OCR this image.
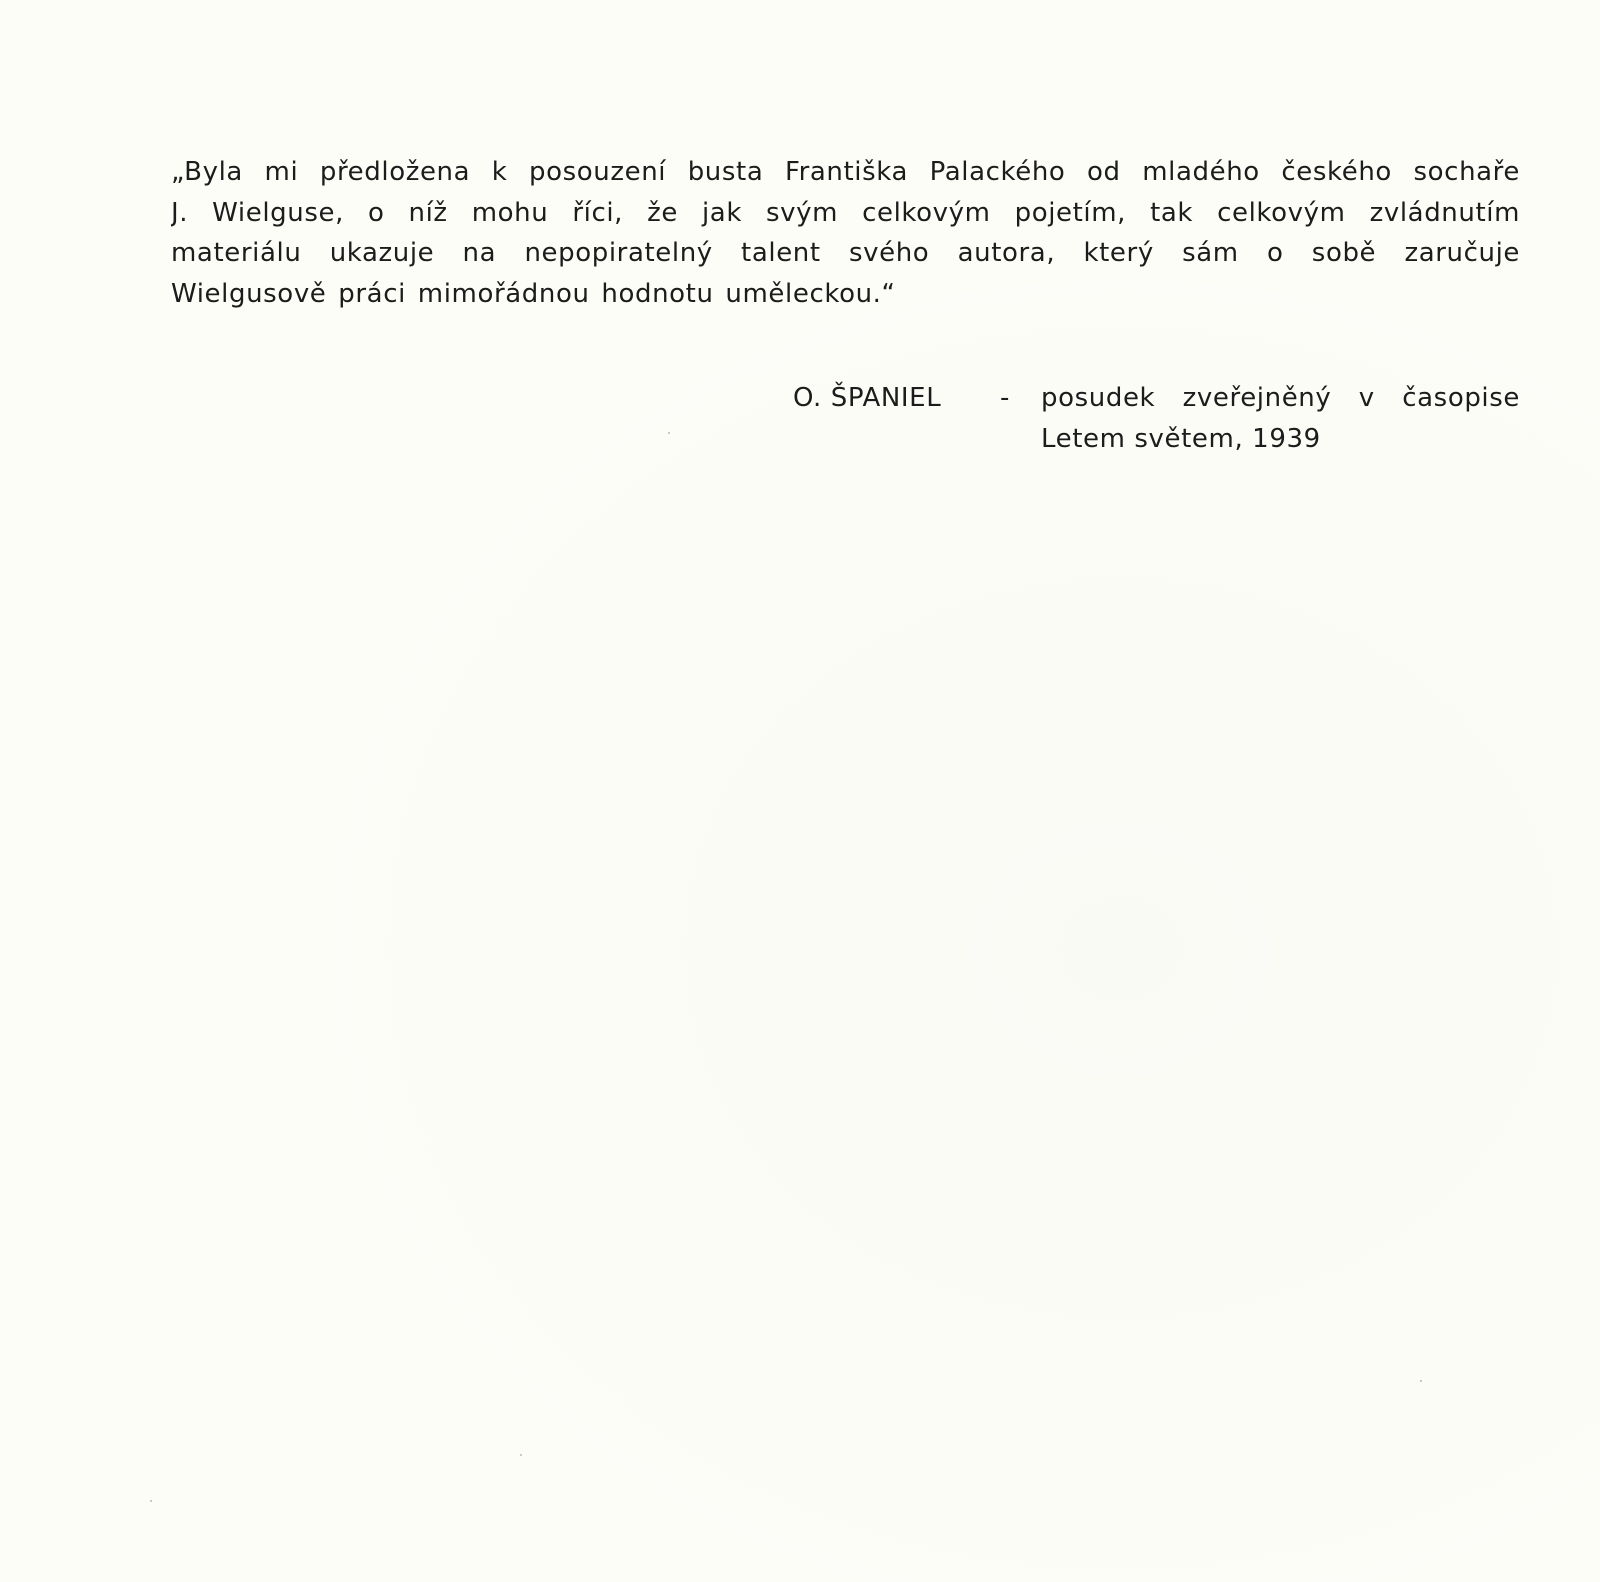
„Byla mi předložena k posouzení busta Františka Palackého od mladého českého sochaře
J. Wielguse, o níž mohu říci, že jak svým celkovým pojetím, tak celkovým zvládnutím
materiálu ukazuje na nepopiratelný talent svého autora, který sám o sobě zaručuje
Wielgusově práci mimořádnou hodnotu uměleckou.“
O. ŠPANIEL	-	posudek zveřejněný v časopise
Letem světem, 1939
